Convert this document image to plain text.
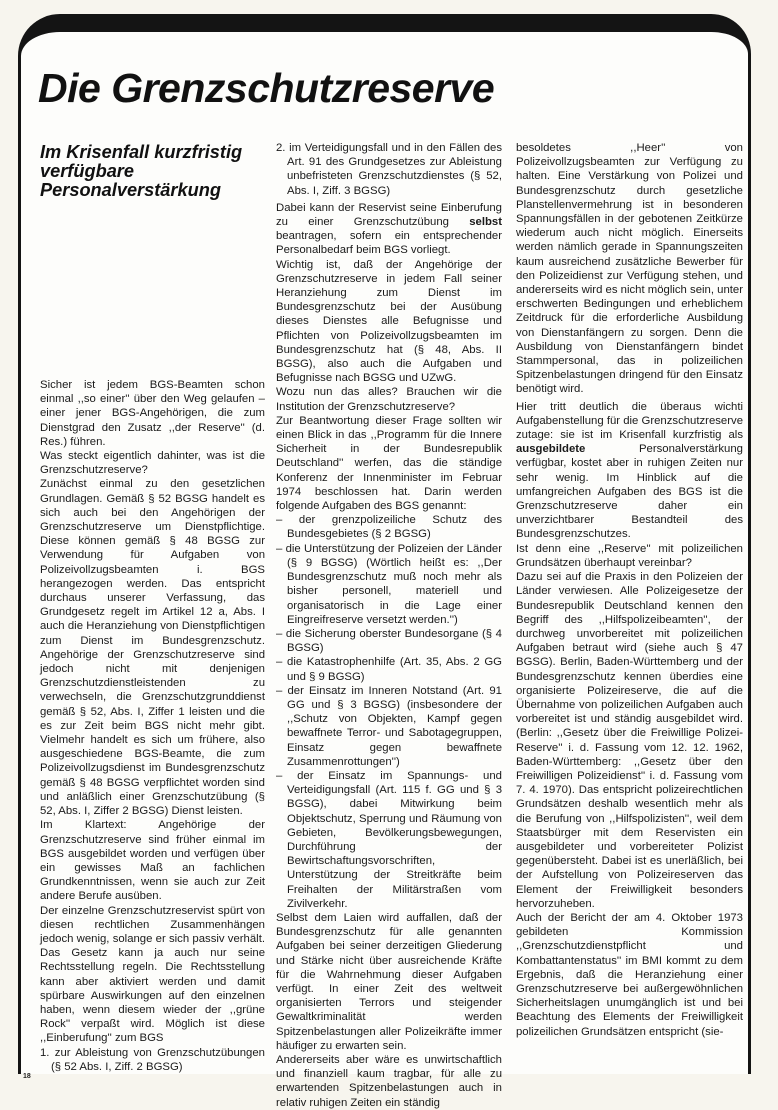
Die Grenzschutzreserve
Im Krisenfall kurzfristig verfügbare Personalverstärkung

Sicher ist jedem BGS-Beamten schon einmal ,,so einer'' über den Weg gelaufen – einer jener BGS-Angehörigen, die zum Dienstgrad den Zusatz ,,der Reserve'' (d. Res.) führen.

Was steckt eigentlich dahinter, was ist die Grenzschutzreserve?

Zunächst einmal zu den gesetzlichen Grundlagen. Gemäß § 52 BGSG handelt es sich auch bei den Angehörigen der Grenzschutzreserve um Dienstpflichtige. Diese können gemäß § 48 BGSG zur Verwendung für Aufgaben von Polizeivollzugsbeamten i. BGS herangezogen werden. Das entspricht durchaus unserer Verfassung, das Grundgesetz regelt im Artikel 12 a, Abs. I auch die Heranziehung von Dienstpflichtigen zum Dienst im Bundesgrenzschutz. Angehörige der Grenzschutzreserve sind jedoch nicht mit denjenigen Grenzschutzdienstleistenden zu verwechseln, die Grenzschutzgrunddienst gemäß § 52, Abs. I, Ziffer 1 leisten und die es zur Zeit beim BGS nicht mehr gibt. Vielmehr handelt es sich um frühere, also ausgeschiedene BGS-Beamte, die zum Polizeivollzugsdienst im Bundesgrenzschutz gemäß § 48 BGSG verpflichtet worden sind und anläßlich einer Grenzschutzübung (§ 52, Abs. I, Ziffer 2 BGSG) Dienst leisten.

Im Klartext: Angehörige der Grenzschutzreserve sind früher einmal im BGS ausgebildet worden und verfügen über ein gewisses Maß an fachlichen Grundkenntnissen, wenn sie auch zur Zeit andere Berufe ausüben.

Der einzelne Grenzschutzreservist spürt von diesen rechtlichen Zusammenhängen jedoch wenig, solange er sich passiv verhält. Das Gesetz kann ja auch nur seine Rechtsstellung regeln. Die Rechtsstellung kann aber aktiviert werden und damit spürbare Auswirkungen auf den einzelnen haben, wenn diesem wieder der ,,grüne Rock'' verpaßt wird. Möglich ist diese ,,Einberufung'' zum BGS

1. zur Ableistung von Grenzschutzübungen (§ 52 Abs. I, Ziff. 2 BGSG)

2. im Verteidigungsfall und in den Fällen des Art. 91 des Grundgesetzes zur Ableistung unbefristeten Grenzschutzdienstes (§ 52, Abs. I, Ziff. 3 BGSG)

Dabei kann der Reservist seine Einberufung zu einer Grenzschutzübung selbst beantragen, sofern ein entsprechender Personalbedarf beim BGS vorliegt.

Wichtig ist, daß der Angehörige der Grenzschutzreserve in jedem Fall seiner Heranziehung zum Dienst im Bundesgrenzschutz bei der Ausübung dieses Dienstes alle Befugnisse und Pflichten von Polizeivollzugsbeamten im Bundesgrenzschutz hat (§ 48, Abs. II BGSG), also auch die Aufgaben und Befugnisse nach BGSG und UZwG.

Wozu nun das alles? Brauchen wir die Institution der Grenzschutzreserve?

Zur Beantwortung dieser Frage sollten wir einen Blick in das ,,Programm für die Innere Sicherheit in der Bundesrepublik Deutschland'' werfen, das die ständige Konferenz der Innenminister im Februar 1974 beschlossen hat. Darin werden folgende Aufgaben des BGS genannt:

– der grenzpolizeiliche Schutz des Bundesgebietes (§ 2 BGSG)

– die Unterstützung der Polizeien der Länder (§ 9 BGSG) (Wörtlich heißt es: ,,Der Bundesgrenzschutz muß noch mehr als bisher personell, materiell und organisatorisch in die Lage einer Eingreifreserve versetzt werden.'')

– die Sicherung oberster Bundesorgane (§ 4 BGSG)

– die Katastrophenhilfe (Art. 35, Abs. 2 GG und § 9 BGSG)

– der Einsatz im Inneren Notstand (Art. 91 GG und § 3 BGSG) (insbesondere der ,,Schutz von Objekten, Kampf gegen bewaffnete Terror- und Sabotagegruppen, Einsatz gegen bewaffnete Zusammenrottungen'')

– der Einsatz im Spannungs- und Verteidigungsfall (Art. 115 f. GG und § 3 BGSG), dabei Mitwirkung beim Objektschutz, Sperrung und Räumung von Gebieten, Bevölkerungsbewegungen, Durchführung der Bewirtschaftungsvorschriften, Unterstützung der Streitkräfte beim Freihalten der Militärstraßen vom Zivilverkehr.

Selbst dem Laien wird auffallen, daß der Bundesgrenzschutz für alle genannten Aufgaben bei seiner derzeitigen Gliederung und Stärke nicht über ausreichende Kräfte für die Wahrnehmung dieser Aufgaben verfügt. In einer Zeit des weltweit organisierten Terrors und steigender Gewaltkriminalität werden Spitzenbelastungen aller Polizeikräfte immer häufiger zu erwarten sein.

Andererseits aber wäre es unwirtschaftlich und finanziell kaum tragbar, für alle zu erwartenden Spitzenbelastungen auch in relativ ruhigen Zeiten ein ständig

besoldetes ,,Heer'' von Polizeivollzugsbeamten zur Verfügung zu halten. Eine Verstärkung von Polizei und Bundesgrenzschutz durch gesetzliche Planstellenvermehrung ist in besonderen Spannungsfällen in der gebotenen Zeitkürze wiederum auch nicht möglich. Einerseits werden nämlich gerade in Spannungszeiten kaum ausreichend zusätzliche Bewerber für den Polizeidienst zur Verfügung stehen, und andererseits wird es nicht möglich sein, unter erschwerten Bedingungen und erheblichem Zeitdruck für die erforderliche Ausbildung von Dienstanfängern zu sorgen. Denn die Ausbildung von Dienstanfängern bindet Stammpersonal, das in polizeilichen Spitzenbelastungen dringend für den Einsatz benötigt wird.

Hier tritt deutlich die überaus wichti Aufgabenstellung für die Grenzschutzreserve zutage: sie ist im Krisenfall kurzfristig als ausgebildete Personalverstärkung verfügbar, kostet aber in ruhigen Zeiten nur sehr wenig. Im Hinblick auf die umfangreichen Aufgaben des BGS ist die Grenzschutzreserve daher ein unverzichtbarer Bestandteil des Bundesgrenzschutzes.

Ist denn eine ,,Reserve'' mit polizeilichen Grundsätzen überhaupt vereinbar?

Dazu sei auf die Praxis in den Polizeien der Länder verwiesen. Alle Polizeigesetze der Bundesrepublik Deutschland kennen den Begriff des ,,Hilfspolizeibeamten'', der durchweg unvorbereitet mit polizeilichen Aufgaben betraut wird (siehe auch § 47 BGSG). Berlin, Baden-Württemberg und der Bundesgrenzschutz kennen überdies eine organisierte Polizeireserve, die auf die Übernahme von polizeilichen Aufgaben auch vorbereitet ist und ständig ausgebildet wird. (Berlin: ,,Gesetz über die Freiwillige Polizei-Reserve'' i. d. Fassung vom 12. 12. 1962, Baden-Württemberg: ,,Gesetz über den Freiwilligen Polizeidienst'' i. d. Fassung vom 7. 4. 1970). Das entspricht polizeirechtlichen Grundsätzen deshalb wesentlich mehr als die Berufung von ,,Hilfspolizisten'', weil dem Staatsbürger mit dem Reservisten ein ausgebildeter und vorbereiteter Polizist gegenübersteht. Dabei ist es unerläßlich, bei der Aufstellung von Polizeireserven das Element der Freiwilligkeit besonders hervorzuheben.

Auch der Bericht der am 4. Oktober 1973 gebildeten Kommission ,,Grenzschutzdienstpflicht und Kombattantenstatus'' im BMI kommt zu dem Ergebnis, daß die Heranziehung einer Grenzschutzreserve bei außergewöhnlichen Sicherheitslagen unumgänglich ist und bei Beachtung des Elements der Freiwilligkeit polizeilichen Grundsätzen entspricht (sie-

18
